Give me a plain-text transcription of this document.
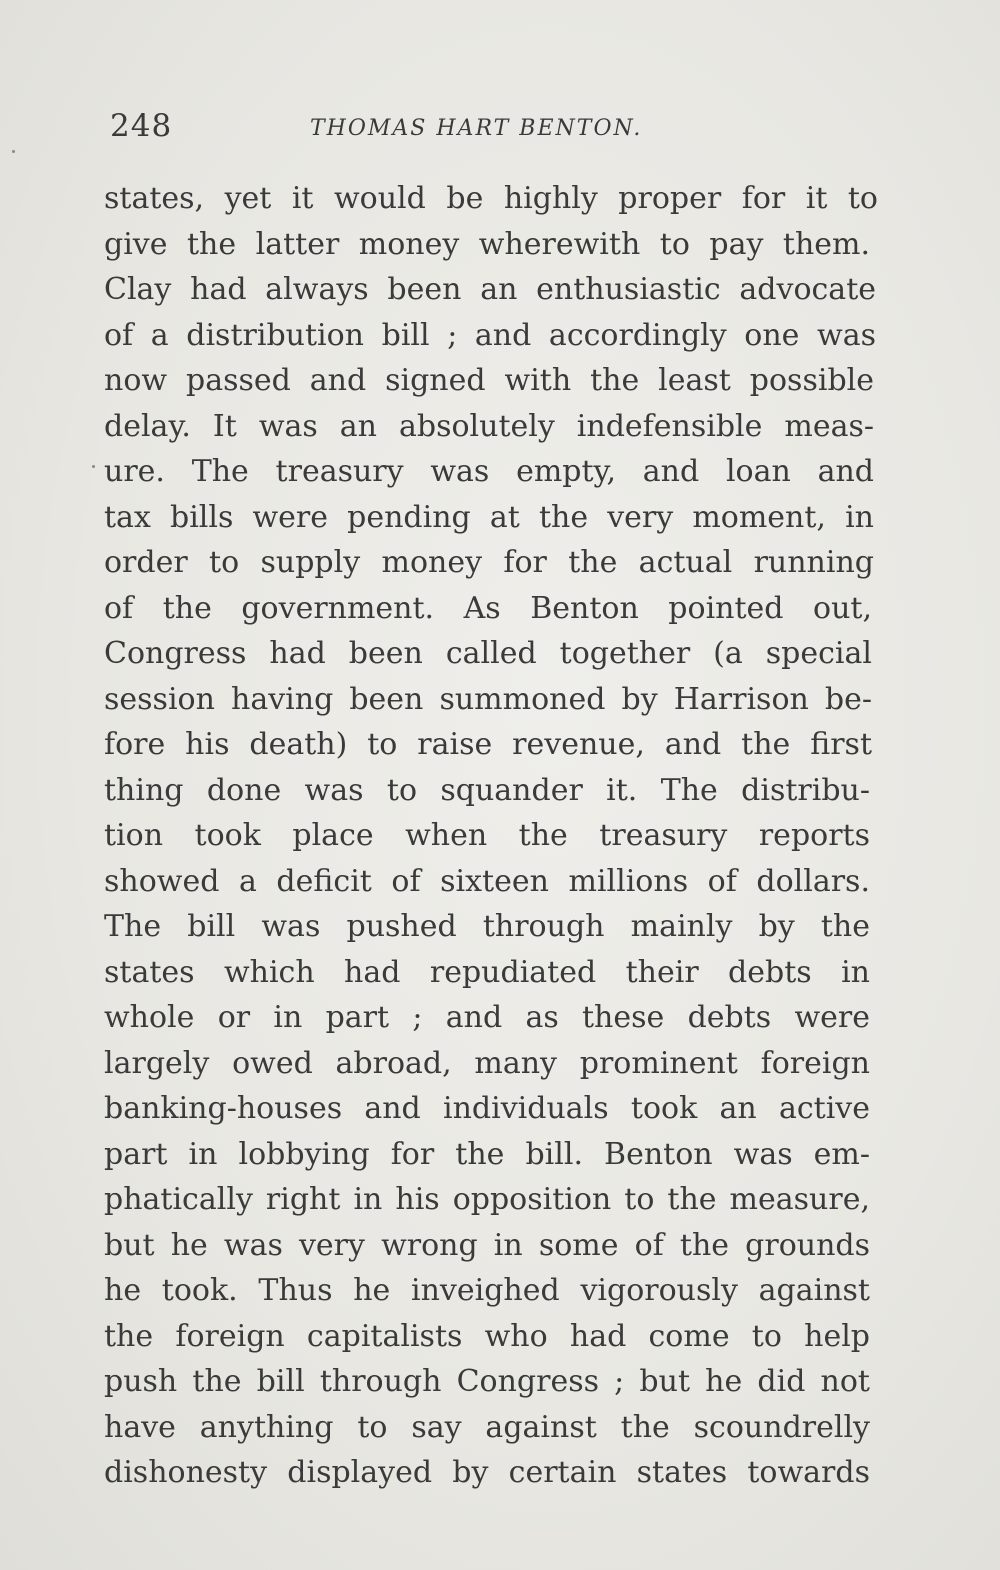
248	THOMAS HART BENTON.
states, yet it would be highly proper for it to
give the latter money wherewith to pay them.
Clay had always been an enthusiastic advocate
of a distribution bill ; and accordingly one was
now passed and signed with the least possible
delay. It was an absolutely indefensible meas-
ure. The treasury was empty, and loan and
tax bills were pending at the very moment, in
order to supply money for the actual running
of the government. As Benton pointed out,
Congress had been called together (a special
session having been summoned by Harrison be-
fore his death) to raise revenue, and the first
thing done was to squander it. The distribu-
tion took place when the treasury reports
showed a deficit of sixteen millions of dollars.
The bill was pushed through mainly by the
states which had repudiated their debts in
whole or in part ; and as these debts were
largely owed abroad, many prominent foreign
banking-houses and individuals took an active
part in lobbying for the bill. Benton was em-
phatically right in his opposition to the measure,
but he was very wrong in some of the grounds
he took. Thus he inveighed vigorously against
the foreign capitalists who had come to help
push the bill through Congress ; but he did not
have anything to say against the scoundrelly
dishonesty displayed by certain states towards
